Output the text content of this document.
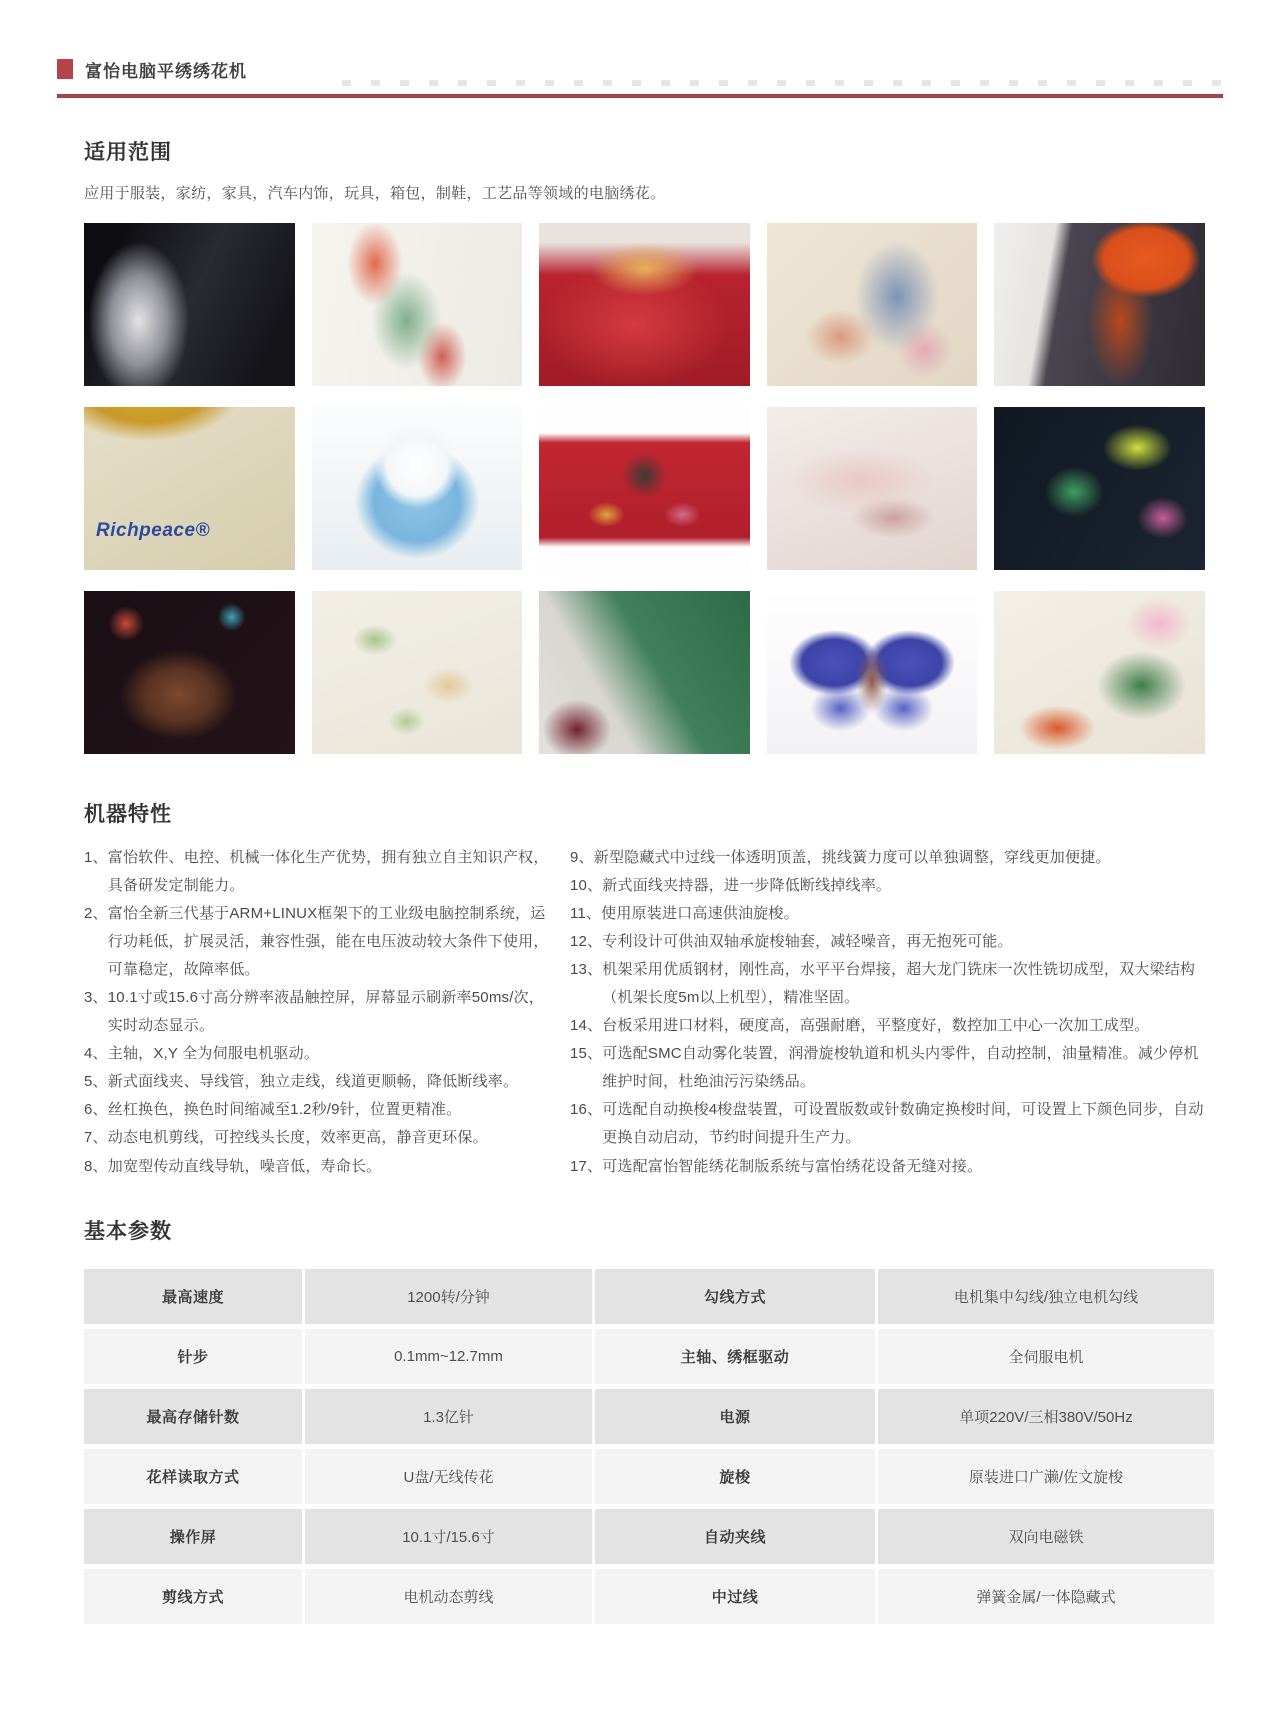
富怡电脑平绣绣花机
适用范围

应用于服装，家纺，家具，汽车内饰，玩具，箱包，制鞋，工艺品等领域的电脑绣花。

Richpeace®
机器特性
1、 富怡软件、电控、机械一体化生产优势，拥有独立自主知识产权，具备研发定制能力。
2、 富怡全新三代基于ARM+LINUX框架下的工业级电脑控制系统，运行功耗低，扩展灵活，兼容性强，能在电压波动较大条件下使用，可靠稳定，故障率低。
3、 10.1寸或15.6寸高分辨率液晶触控屏，屏幕显示刷新率50ms/次，实时动态显示。
4、 主轴，X,Y 全为伺服电机驱动。
5、 新式面线夹、导线管，独立走线，线道更顺畅，降低断线率。
6、 丝杠换色，换色时间缩减至1.2秒/9针，位置更精准。
7、 动态电机剪线，可控线头长度，效率更高，静音更环保。
8、 加宽型传动直线导轨，噪音低，寿命长。
9、 新型隐藏式中过线一体透明顶盖，挑线簧力度可以单独调整，穿线更加便捷。
10、 新式面线夹持器，进一步降低断线掉线率。
11、 使用原装进口高速供油旋梭。
12、 专利设计可供油双轴承旋梭轴套，减轻噪音，再无抱死可能。
13、 机架采用优质钢材，刚性高，水平平台焊接，超大龙门铣床一次性铣切成型，双大梁结构（机架长度5m以上机型），精准坚固。
14、 台板采用进口材料，硬度高，高强耐磨，平整度好，数控加工中心一次加工成型。
15、 可选配SMC自动雾化装置，润滑旋梭轨道和机头内零件，自动控制，油量精准。减少停机维护时间，杜绝油污污染绣品。
16、 可选配自动换梭4梭盘装置，可设置版数或针数确定换梭时间，可设置上下颜色同步，自动更换自动启动，节约时间提升生产力。
17、 可选配富怡智能绣花制版系统与富怡绣花设备无缝对接。
基本参数
最高速度	1200转/分钟	勾线方式	电机集中勾线/独立电机勾线
针步	0.1mm~12.7mm	主轴、绣框驱动	全伺服电机
最高存储针数	1.3亿针	电源	单项220V/三相380V/50Hz
花样读取方式	U盘/无线传花	旋梭	原装进口广濑/佐文旋梭
操作屏	10.1寸/15.6寸	自动夹线	双向电磁铁
剪线方式	电机动态剪线	中过线	弹簧金属/一体隐藏式
